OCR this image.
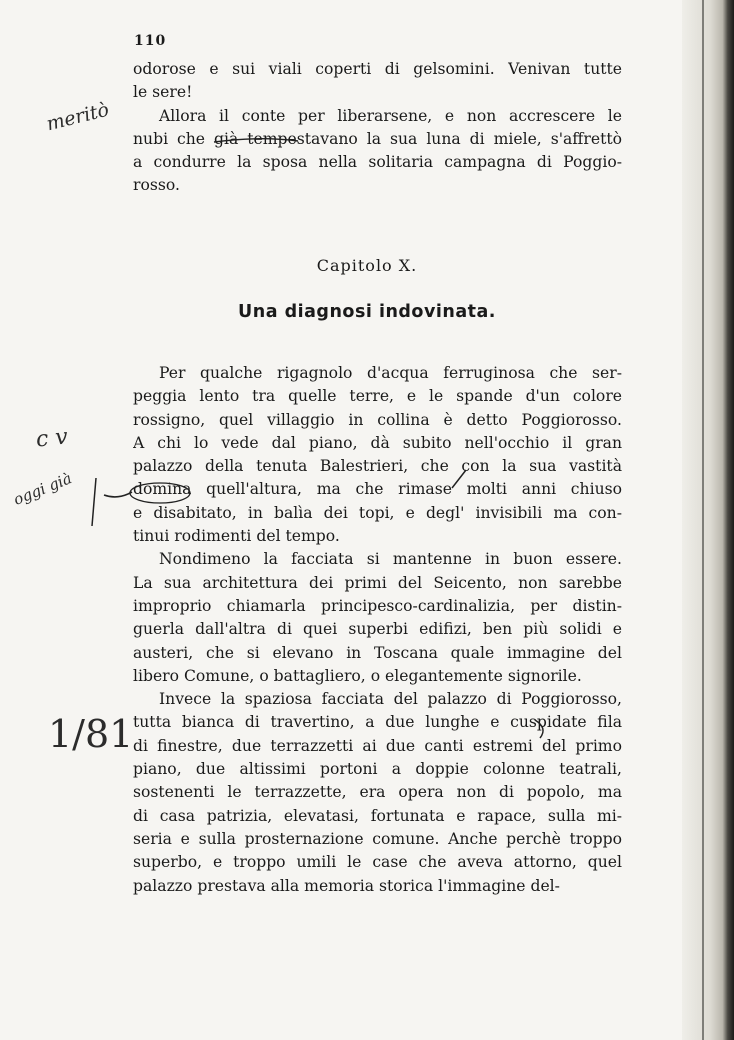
110
odorose e sui viali coperti di gelsomini. Venivan tutte
le sere!
Allora il conte per liberarsene, e non accrescere le
nubi che già tempestavano la sua luna di miele, s'affrettò
a condurre la sposa nella solitaria campagna di Poggio-
rosso.
Capitolo X.
Una diagnosi indovinata.
Per qualche rigagnolo d'acqua ferruginosa che ser-
peggia lento tra quelle terre, e le spande d'un colore
rossigno, quel villaggio in collina è detto Poggiorosso.
A chi lo vede dal piano, dà subito nell'occhio il gran
palazzo della tenuta Balestrieri, che con la sua vastità
domina quell'altura, ma che rimase molti anni chiuso
e disabitato, in balìa dei topi, e degl' invisibili ma con-
tinui rodimenti del tempo.
Nondimeno la facciata si mantenne in buon essere.
La sua architettura dei primi del Seicento, non sarebbe
improprio chiamarla principesco-cardinalizia, per distin-
guerla dall'altra di quei superbi edifizi, ben più solidi e
austeri, che si elevano in Toscana quale immagine del
libero Comune, o battagliero, o elegantemente signorile.
Invece la spaziosa facciata del palazzo di Poggiorosso,
tutta bianca di travertino, a due lunghe e cuspidate fila
di finestre, due terrazzetti ai due canti estremi del primo
piano, due altissimi portoni a doppie colonne teatrali,
sostenenti le terrazzette, era opera non di popolo, ma
di casa patrizia, elevatasi, fortunata e rapace, sulla mi-
seria e sulla prosternazione comune. Anche perchè troppo
superbo, e troppo umili le case che aveva attorno, quel
palazzo prestava alla memoria storica l'immagine del-
meritò
c v
oggi già
1/81
